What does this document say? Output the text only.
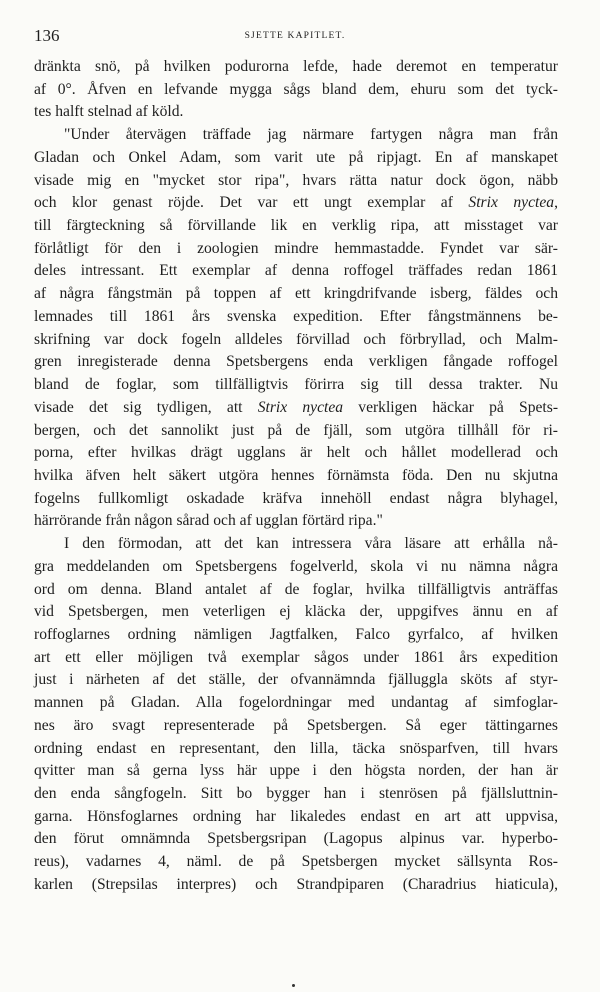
136	SJETTE KAPITLET.
dränkta snö, på hvilken podurorna lefde, hade deremot en temperatur
af 0°. Åfven en lefvande mygga sågs bland dem, ehuru som det tyck-
tes halft stelnad af köld.
"Under återvägen träffade jag närmare fartygen några man från
Gladan och Onkel Adam, som varit ute på ripjagt. En af manskapet
visade mig en "mycket stor ripa", hvars rätta natur dock ögon, näbb
och klor genast röjde. Det var ett ungt exemplar af Strix nyctea,
till färgteckning så förvillande lik en verklig ripa, att misstaget var
förlåtligt för den i zoologien mindre hemmastadde. Fyndet var sär-
deles intressant. Ett exemplar af denna roffogel träffades redan 1861
af några fångstmän på toppen af ett kringdrifvande isberg, fäldes och
lemnades till 1861 års svenska expedition. Efter fångstmännens be-
skrifning var dock fogeln alldeles förvillad och förbryllad, och Malm-
gren inregisterade denna Spetsbergens enda verkligen fångade roffogel
bland de foglar, som tillfälligtvis förirra sig till dessa trakter. Nu
visade det sig tydligen, att Strix nyctea verkligen häckar på Spets-
bergen, och det sannolikt just på de fjäll, som utgöra tillhåll för ri-
porna, efter hvilkas drägt ugglans är helt och hållet modellerad och
hvilka äfven helt säkert utgöra hennes förnämsta föda. Den nu skjutna
fogelns fullkomligt oskadade kräfva innehöll endast några blyhagel,
härrörande från någon sårad och af ugglan förtärd ripa."
I den förmodan, att det kan intressera våra läsare att erhålla nå-
gra meddelanden om Spetsbergens fogelverld, skola vi nu nämna några
ord om denna. Bland antalet af de foglar, hvilka tillfälligtvis anträffas
vid Spetsbergen, men veterligen ej kläcka der, uppgifves ännu en af
roffoglarnes ordning nämligen Jagtfalken, Falco gyrfalco, af hvilken
art ett eller möjligen två exemplar sågos under 1861 års expedition
just i närheten af det ställe, der ofvannämnda fjälluggla sköts af styr-
mannen på Gladan. Alla fogelordningar med undantag af simfoglar-
nes äro svagt representerade på Spetsbergen. Så eger tättingarnes
ordning endast en representant, den lilla, täcka snösparfven, till hvars
qvitter man så gerna lyss här uppe i den högsta norden, der han är
den enda sångfogeln. Sitt bo bygger han i stenrösen på fjällsluttnin-
garna. Hönsfoglarnes ordning har likaledes endast en art att uppvisa,
den förut omnämnda Spetsbergsripan (Lagopus alpinus var. hyperbo-
reus), vadarnes 4, näml. de på Spetsbergen mycket sällsynta Ros-
karlen (Strepsilas interpres) och Strandpiparen (Charadrius hiaticula),
